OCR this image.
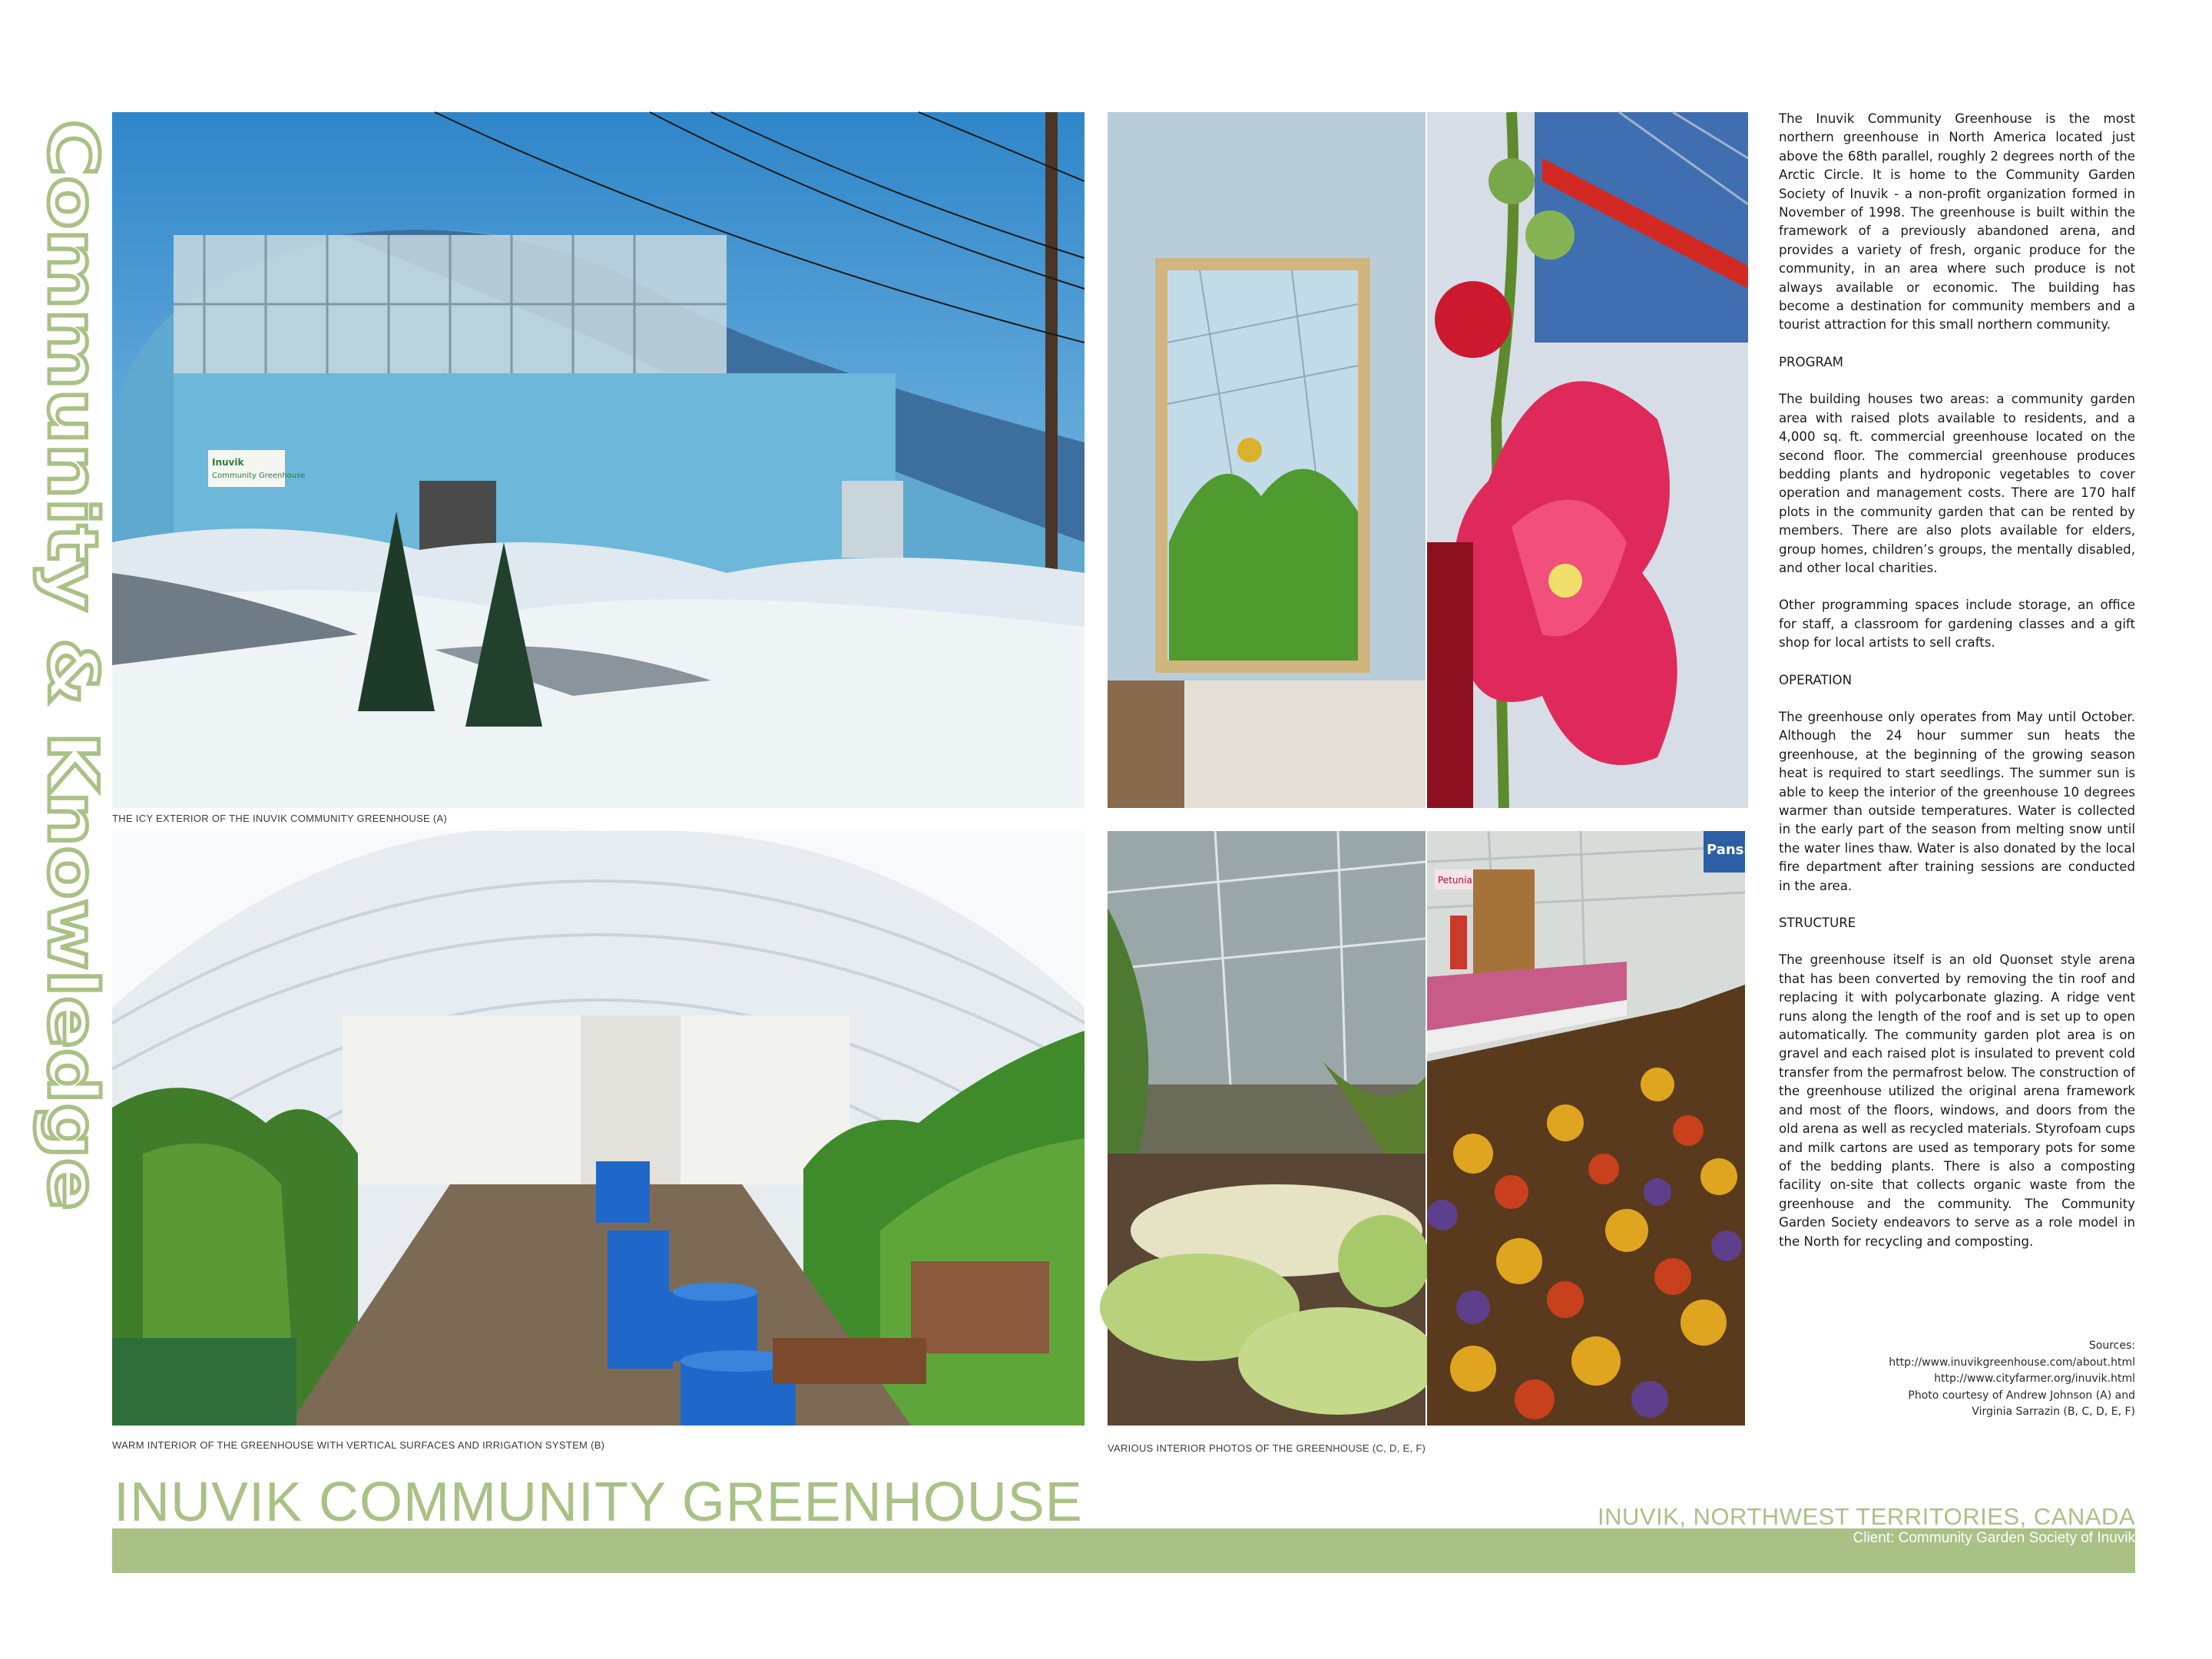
Community & Knowledge	Inuvik
Community Greenhouse
THE ICY EXTERIOR OF THE INUVIK COMMUNITY GREENHOUSE (A)
WARM INTERIOR OF THE GREENHOUSE WITH VERTICAL SURFACES AND IRRIGATION SYSTEM (B)
Pansie
Petunia
VARIOUS INTERIOR PHOTOS OF THE GREENHOUSE (C, D, E, F)

The Inuvik Community Greenhouse is the most northern greenhouse in North America located just above the 68th parallel, roughly 2 degrees north of the Arctic Circle. It is home to the Community Garden Society of Inuvik - a non-profit organization formed in November of 1998. The greenhouse is built within the framework of a previously abandoned arena, and provides a variety of fresh, organic produce for the community, in an area where such produce is not always available or economic. The building has become a destination for community members and a tourist attraction for this small northern community.

PROGRAM

The building houses two areas: a community garden area with raised plots available to residents, and a 4,000 sq. ft. commercial greenhouse located on the second floor. The commercial greenhouse produces bedding plants and hydroponic vegetables to cover operation and management costs. There are 170 half plots in the community garden that can be rented by members. There are also plots available for elders, group homes, children’s groups, the mentally disabled, and other local charities.

Other programming spaces include storage, an office for staff, a classroom for gardening classes and a gift shop for local artists to sell crafts.

OPERATION

The greenhouse only operates from May until October. Although the 24 hour summer sun heats the greenhouse, at the beginning of the growing season heat is required to start seedlings. The summer sun is able to keep the interior of the greenhouse 10 degrees warmer than outside temperatures. Water is collected in the early part of the season from melting snow until the water lines thaw. Water is also donated by the local fire department after training sessions are conducted in the area.

STRUCTURE

The greenhouse itself is an old Quonset style arena that has been converted by removing the tin roof and replacing it with polycarbonate glazing. A ridge vent runs along the length of the roof and is set up to open automatically. The community garden plot area is on gravel and each raised plot is insulated to prevent cold transfer from the permafrost below. The construction of the greenhouse utilized the original arena framework and most of the floors, windows, and doors from the old arena as well as recycled materials. Styrofoam cups and milk cartons are used as temporary pots for some of the bedding plants. There is also a composting facility on-site that collects organic waste from the greenhouse and the community. The Community Garden Society endeavors to serve as a role model in the North for recycling and composting.

Sources:
http://www.inuvikgreenhouse.com/about.html
http://www.cityfarmer.org/inuvik.html
Photo courtesy of Andrew Johnson (A) and
Virginia Sarrazin (B, C, D, E, F)
INUVIK COMMUNITY GREENHOUSE	INUVIK, NORTHWEST TERRITORIES, CANADA
Client: Community Garden Society of Inuvik
